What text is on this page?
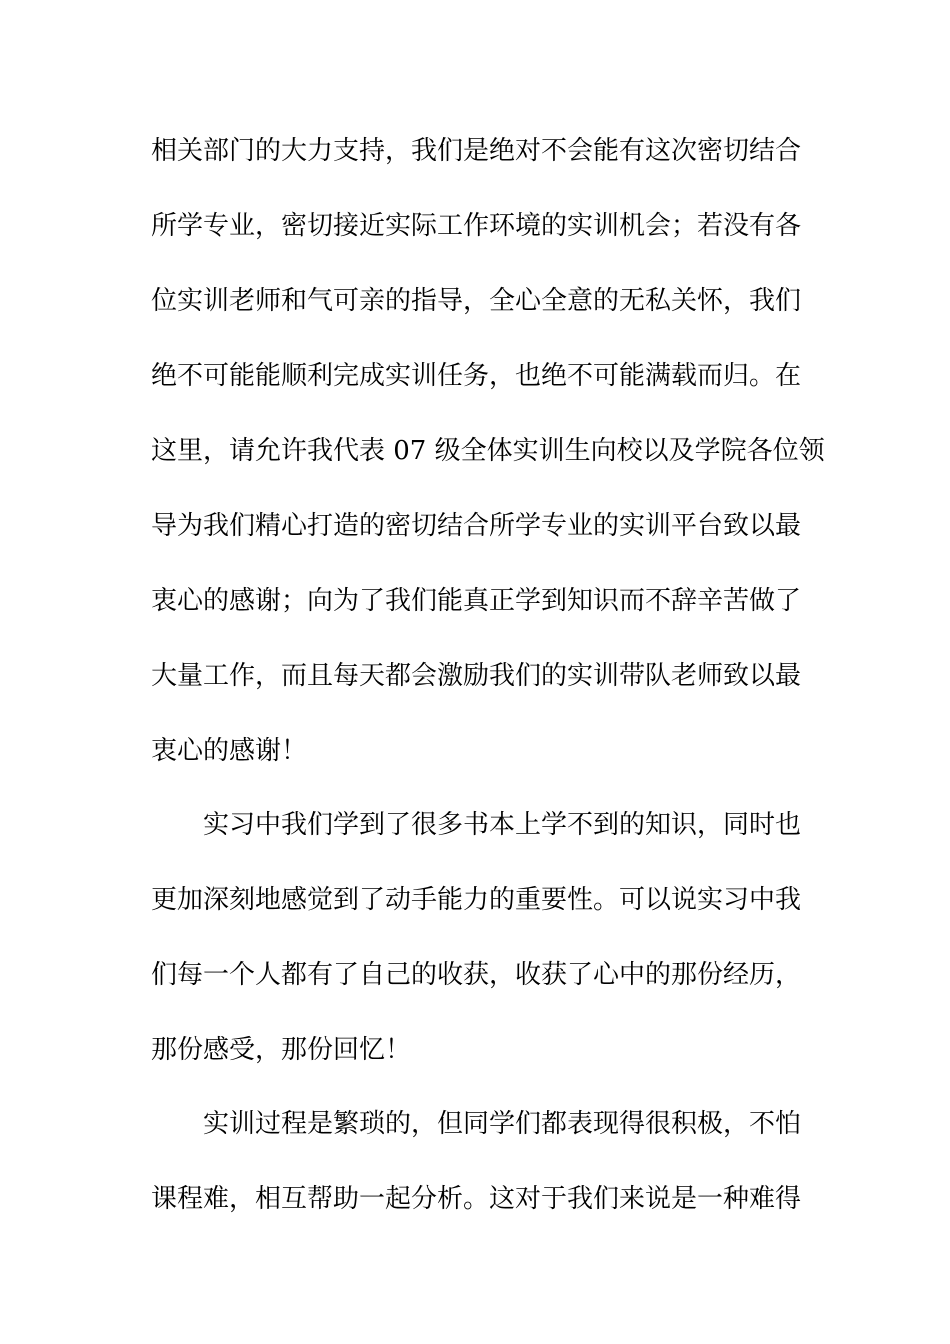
相关部门的大力支持，我们是绝对不会能有这次密切结合
所学专业，密切接近实际工作环境的实训机会；若没有各
位实训老师和气可亲的指导，全心全意的无私关怀，我们
绝不可能能顺利完成实训任务，也绝不可能满载而归。在
这里，请允许我代表 07 级全体实训生向校以及学院各位领
导为我们精心打造的密切结合所学专业的实训平台致以最
衷心的感谢；向为了我们能真正学到知识而不辞辛苦做了
大量工作，而且每天都会激励我们的实训带队老师致以最
衷心的感谢！
实习中我们学到了很多书本上学不到的知识，同时也
更加深刻地感觉到了动手能力的重要性。可以说实习中我
们每一个人都有了自己的收获，收获了心中的那份经历，
那份感受，那份回忆！
实训过程是繁琐的，但同学们都表现得很积极，不怕
课程难，相互帮助一起分析。这对于我们来说是一种难得
